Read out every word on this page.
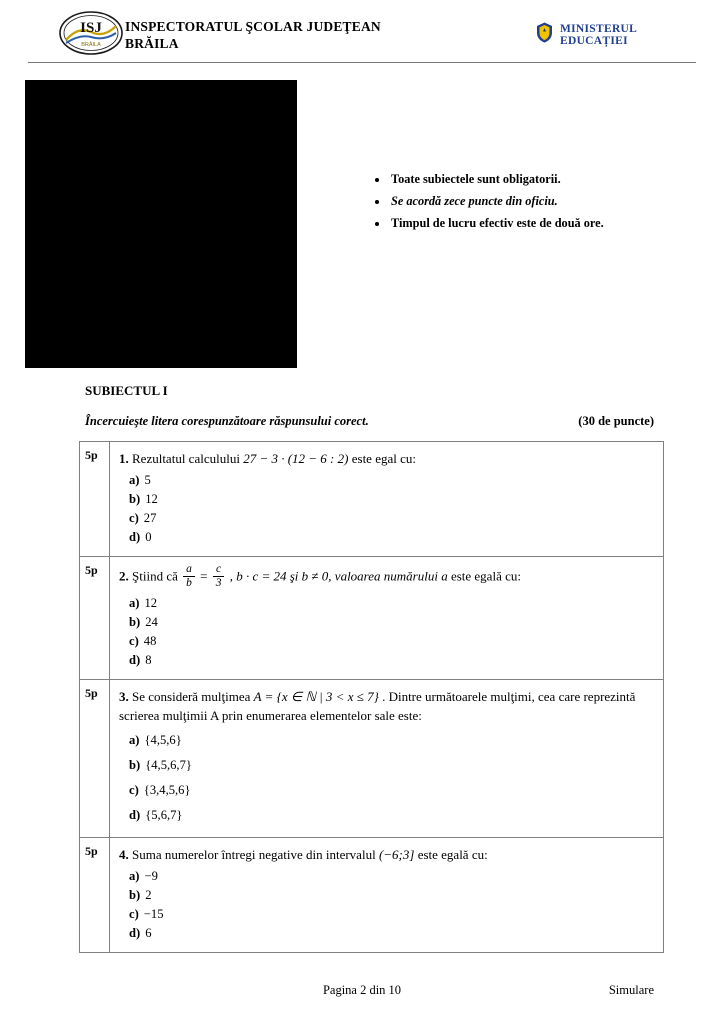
ISJ
BRĂILA
INSPECTORATUL ŞCOLAR JUDEŢEAN
BRĂILA
MINISTERUL EDUCAȚIEI
• Toate subiectele sunt obligatorii.
• Se acordă zece puncte din oficiu.
• Timpul de lucru efectiv este de două ore.
SUBIECTUL I
Încercuieşte litera corespunzătoare răspunsului corect.	(30 de puncte)
5p	1. Rezultatul calculului 27 − 3 · (12 − 6 : 2) este egal cu:

a) 5
b) 12
c) 27
d) 0
5p	2. Ştiind că $\frac{a}{b} = \frac{c}{3}$ , b · c = 24 şi b ≠ 0, valoarea numărului a este egală cu:

a) 12
b) 24
c) 48
d) 8
5p	3. Se consideră mulţimea A = {x ∈ ℕ | 3 < x ≤ 7} . Dintre următoarele mulţimi, cea care reprezintă scrierea mulţimii A prin enumerarea elementelor sale este:

a) {4,5,6}
b) {4,5,6,7}
c) {3,4,5,6}
d) {5,6,7}
5p	4. Suma numerelor întregi negative din intervalul (−6;3] este egală cu:

a) −9
b) 2
c) −15
d) 6
Pagina 2 din 10	Simulare
